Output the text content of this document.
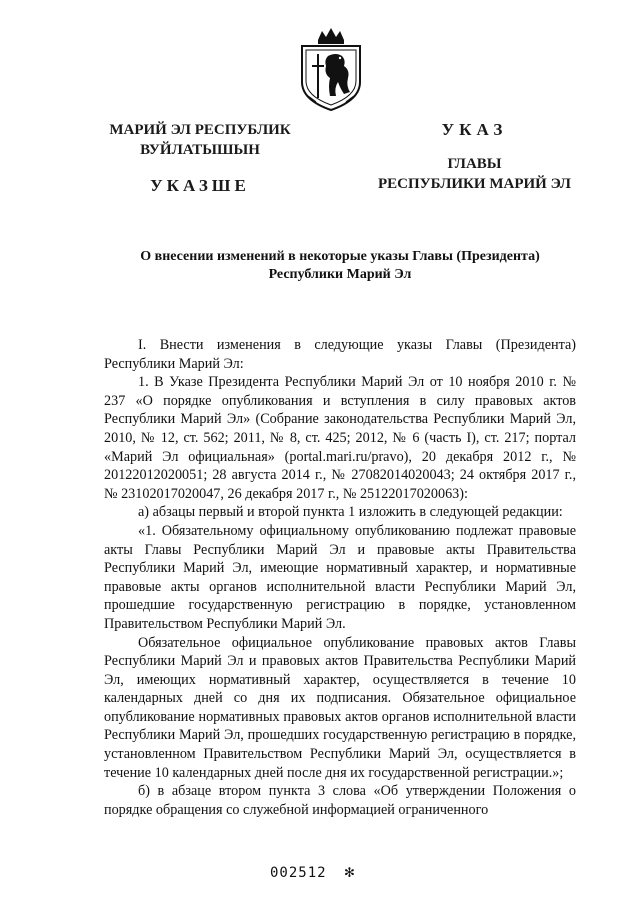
МАРИЙ ЭЛ РЕСПУБЛИК
ВУЙЛАТЫШЫН
УКАЗШЕ
УКАЗ
ГЛАВЫ
РЕСПУБЛИКИ МАРИЙ ЭЛ
О внесении изменений в некоторые указы Главы (Президента)
Республики Марий Эл

I. Внести изменения в следующие указы Главы (Президента) Республики Марий Эл:

1. В Указе Президента Республики Марий Эл от 10 ноября 2010 г. № 237 «О порядке опубликования и вступления в силу правовых актов Республики Марий Эл» (Собрание законодательства Республики Марий Эл, 2010, № 12, ст. 562; 2011, № 8, ст. 425; 2012, № 6 (часть I), ст. 217; портал «Марий Эл официальная» (portal.mari.ru/pravo), 20 декабря 2012 г., № 20122012020051; 28 августа 2014 г., № 27082014020043; 24 октября 2017 г., № 23102017020047, 26 декабря 2017 г., № 25122017020063):

а) абзацы первый и второй пункта 1 изложить в следующей редакции:

«1. Обязательному официальному опубликованию подлежат правовые акты Главы Республики Марий Эл и правовые акты Правительства Республики Марий Эл, имеющие нормативный характер, и нормативные правовые акты органов исполнительной власти Республики Марий Эл, прошедшие государственную регистрацию в порядке, установленном Правительством Республики Марий Эл.

Обязательное официальное опубликование правовых актов Главы Республики Марий Эл и правовых актов Правительства Республики Марий Эл, имеющих нормативный характер, осуществляется в течение 10 календарных дней со дня их подписания. Обязательное официальное опубликование нормативных правовых актов органов исполнительной власти Республики Марий Эл, прошедших государственную регистрацию в порядке, установленном Правительством Республики Марий Эл, осуществляется в течение 10 календарных дней после дня их государственной регистрации.»;

б) в абзаце втором пункта 3 слова «Об утверждении Положения о порядке обращения со служебной информацией ограниченного

002512 ✻
